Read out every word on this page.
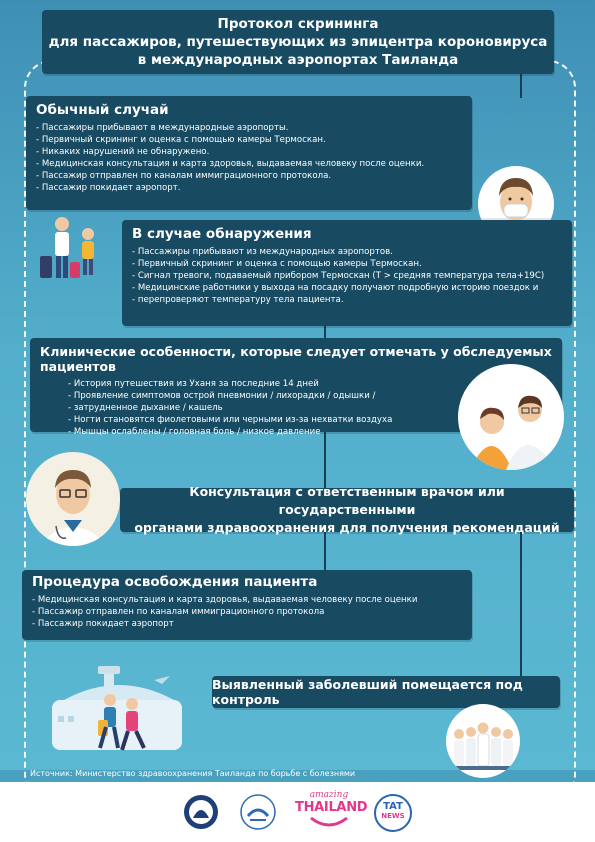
Протокол скрининга
для пассажиров, путешествующих из эпицентра короновируса
в международных аэропортах Таиланда
Обычный случай
- Пассажиры прибывают в международные аэропорты.
- Первичный скрининг и оценка с помощью камеры Термоскан.
- Никаких нарушений не обнаружено.
- Медицинская консультация и карта здоровья, выдаваемая человеку после оценки.
- Пассажир отправлен по каналам иммиграционного протокола.
- Пассажир покидает аэропорт.
В случае обнаружения
- Пассажиры прибывают из международных аэропортов.
- Первичный скрининг и оценка с помощью камеры Термоскан.
- Сигнал тревоги, подаваемый прибором Термоскан (T > средняя температура тела+19С)
- Медицинские работники у выхода на посадку получают подробную историю поездок и
- перепроверяют температуру тела пациента.
Клинические особенности, которые следует отмечать у обследуемых пациентов
- История путешествия из Уханя за последние 14 дней
- Проявление симптомов острой пневмонии / лихорадки / одышки /
- затрудненное дыхание / кашель
- Ногти становятся фиолетовыми или черными из-за нехватки воздуха
- Мышцы ослаблены / головная боль / низкое давление
Консультация с ответственным врачом или государственными
органами здравоохранения для получения рекомендаций
Процедура освобождения пациента
- Медицинская консультация и карта здоровья, выдаваемая человеку после оценки
- Пассажир отправлен по каналам иммиграционного протокола
- Пассажир покидает аэропорт
Выявленный заболевший помещается под контроль
Источник: Министерство здравоохранения Таиланда по борьбе с болезнями
amazing
THAILAND	TAT
NEWS
